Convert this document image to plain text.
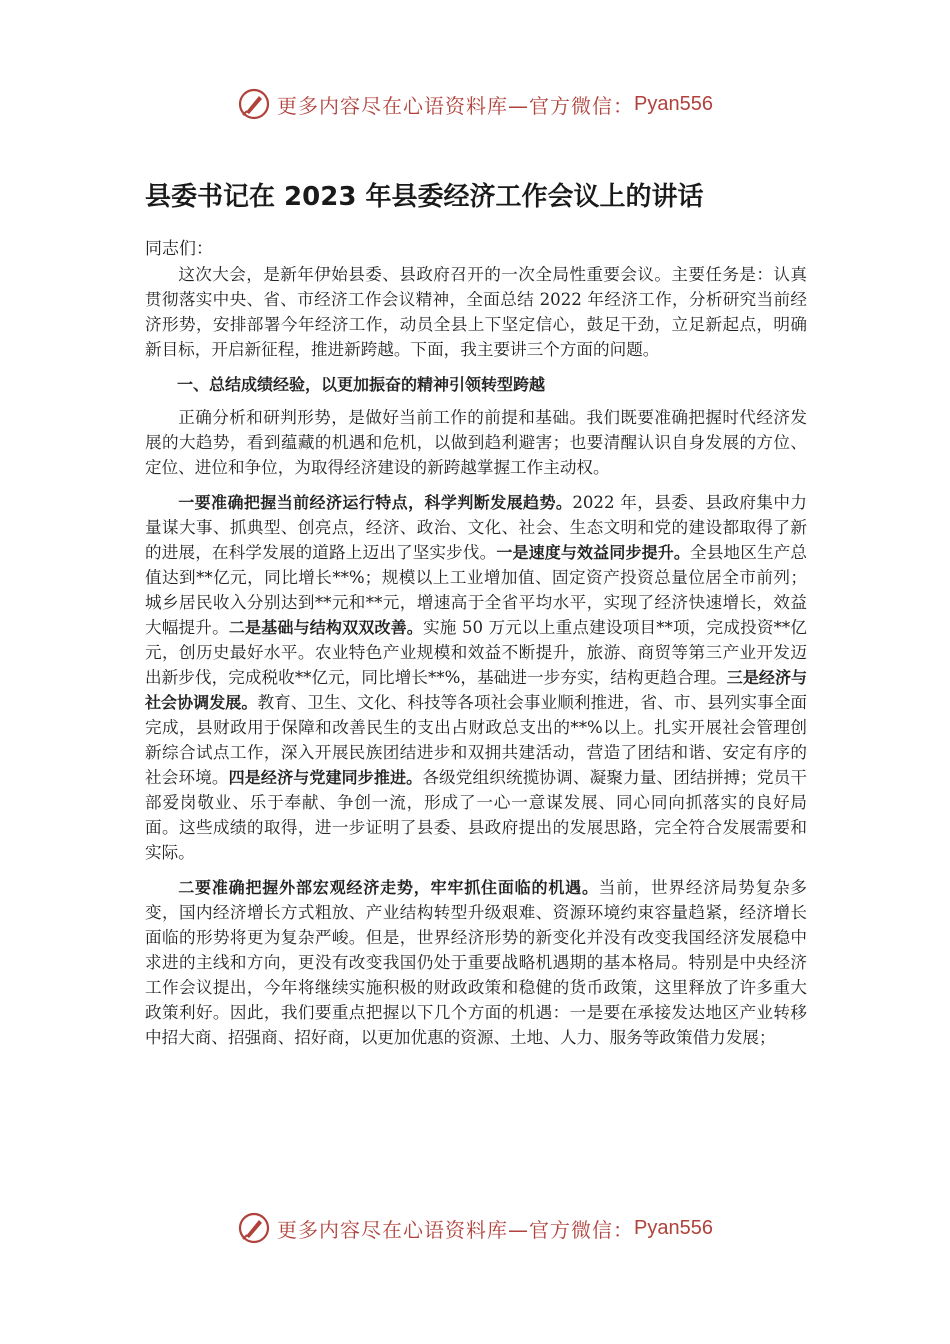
更多内容尽在心语资料库—官方微信： Pyan556
县委书记在 2023 年县委经济工作会议上的讲话
同志们：

这次大会，是新年伊始县委、县政府召开的一次全局性重要会议。主要任务是：认真贯彻落实中央、省、市经济工作会议精神，全面总结 2022 年经济工作，分析研究当前经济形势，安排部署今年经济工作，动员全县上下坚定信心，鼓足干劲，立足新起点，明确新目标，开启新征程，推进新跨越。下面，我主要讲三个方面的问题。

一、总结成绩经验，以更加振奋的精神引领转型跨越

正确分析和研判形势，是做好当前工作的前提和基础。我们既要准确把握时代经济发展的大趋势，看到蕴藏的机遇和危机，以做到趋利避害；也要清醒认识自身发展的方位、定位、进位和争位，为取得经济建设的新跨越掌握工作主动权。

一要准确把握当前经济运行特点，科学判断发展趋势。2022 年，县委、县政府集中力量谋大事、抓典型、创亮点，经济、政治、文化、社会、生态文明和党的建设都取得了新的进展，在科学发展的道路上迈出了坚实步伐。一是速度与效益同步提升。全县地区生产总值达到**亿元，同比增长**%；规模以上工业增加值、固定资产投资总量位居全市前列；城乡居民收入分别达到**元和**元，增速高于全省平均水平，实现了经济快速增长，效益大幅提升。二是基础与结构双双改善。实施 50 万元以上重点建设项目**项，完成投资**亿元，创历史最好水平。农业特色产业规模和效益不断提升，旅游、商贸等第三产业开发迈出新步伐，完成税收**亿元，同比增长**%，基础进一步夯实，结构更趋合理。三是经济与社会协调发展。教育、卫生、文化、科技等各项社会事业顺利推进，省、市、县列实事全面完成，县财政用于保障和改善民生的支出占财政总支出的**%以上。扎实开展社会管理创新综合试点工作，深入开展民族团结进步和双拥共建活动，营造了团结和谐、安定有序的社会环境。四是经济与党建同步推进。各级党组织统揽协调、凝聚力量、团结拼搏；党员干部爱岗敬业、乐于奉献、争创一流，形成了一心一意谋发展、同心同向抓落实的良好局面。这些成绩的取得，进一步证明了县委、县政府提出的发展思路，完全符合发展需要和实际。

二要准确把握外部宏观经济走势，牢牢抓住面临的机遇。当前，世界经济局势复杂多变，国内经济增长方式粗放、产业结构转型升级艰难、资源环境约束容量趋紧，经济增长面临的形势将更为复杂严峻。但是，世界经济形势的新变化并没有改变我国经济发展稳中求进的主线和方向，更没有改变我国仍处于重要战略机遇期的基本格局。特别是中央经济工作会议提出，今年将继续实施积极的财政政策和稳健的货币政策，这里释放了许多重大政策利好。因此，我们要重点把握以下几个方面的机遇：一是要在承接发达地区产业转移中招大商、招强商、招好商，以更加优惠的资源、土地、人力、服务等政策借力发展；

更多内容尽在心语资料库—官方微信： Pyan556
